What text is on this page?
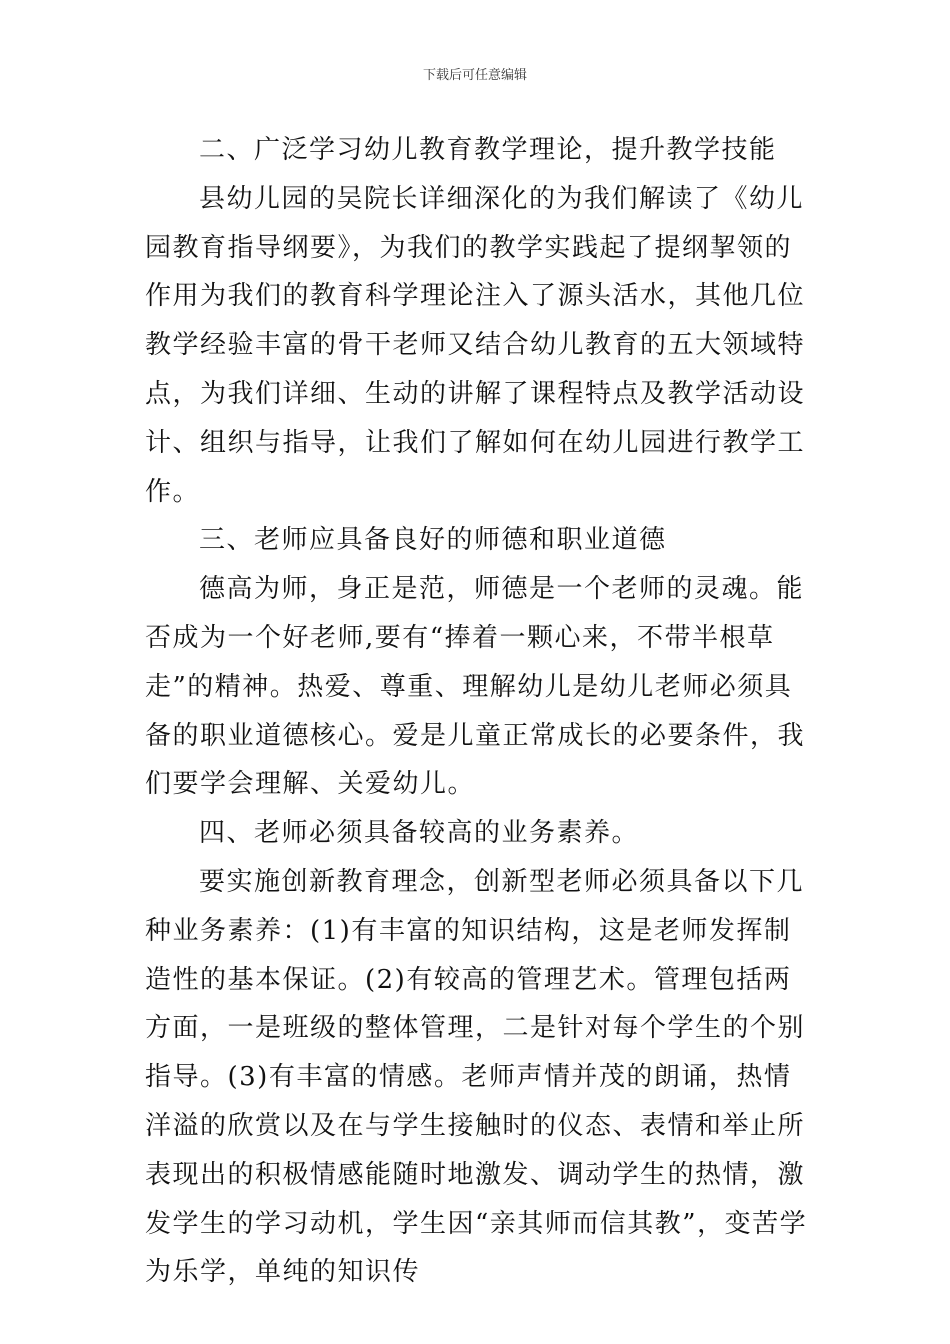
下载后可任意编辑

二、广泛学习幼儿教育教学理论，提升教学技能

县幼儿园的吴院长详细深化的为我们解读了《幼儿园教育指导纲要》，为我们的教学实践起了提纲挈领的作用为我们的教育科学理论注入了源头活水，其他几位教学经验丰富的骨干老师又结合幼儿教育的五大领域特点，为我们详细、生动的讲解了课程特点及教学活动设计、组织与指导，让我们了解如何在幼儿园进行教学工作。

三、老师应具备良好的师德和职业道德

德高为师，身正是范，师德是一个老师的灵魂。能否成为一个好老师,要有“捧着一颗心来，不带半根草走”的精神。热爱、尊重、理解幼儿是幼儿老师必须具备的职业道德核心。爱是儿童正常成长的必要条件，我们要学会理解、关爱幼儿。

四、老师必须具备较高的业务素养。

要实施创新教育理念，创新型老师必须具备以下几种业务素养：(1)有丰富的知识结构，这是老师发挥制造性的基本保证。(2)有较高的管理艺术。管理包括两方面，一是班级的整体管理，二是针对每个学生的个别指导。(3)有丰富的情感。老师声情并茂的朗诵，热情洋溢的欣赏以及在与学生接触时的仪态、表情和举止所表现出的积极情感能随时地激发、调动学生的热情，激发学生的学习动机，学生因“亲其师而信其教”，变苦学为乐学，单纯的知识传
